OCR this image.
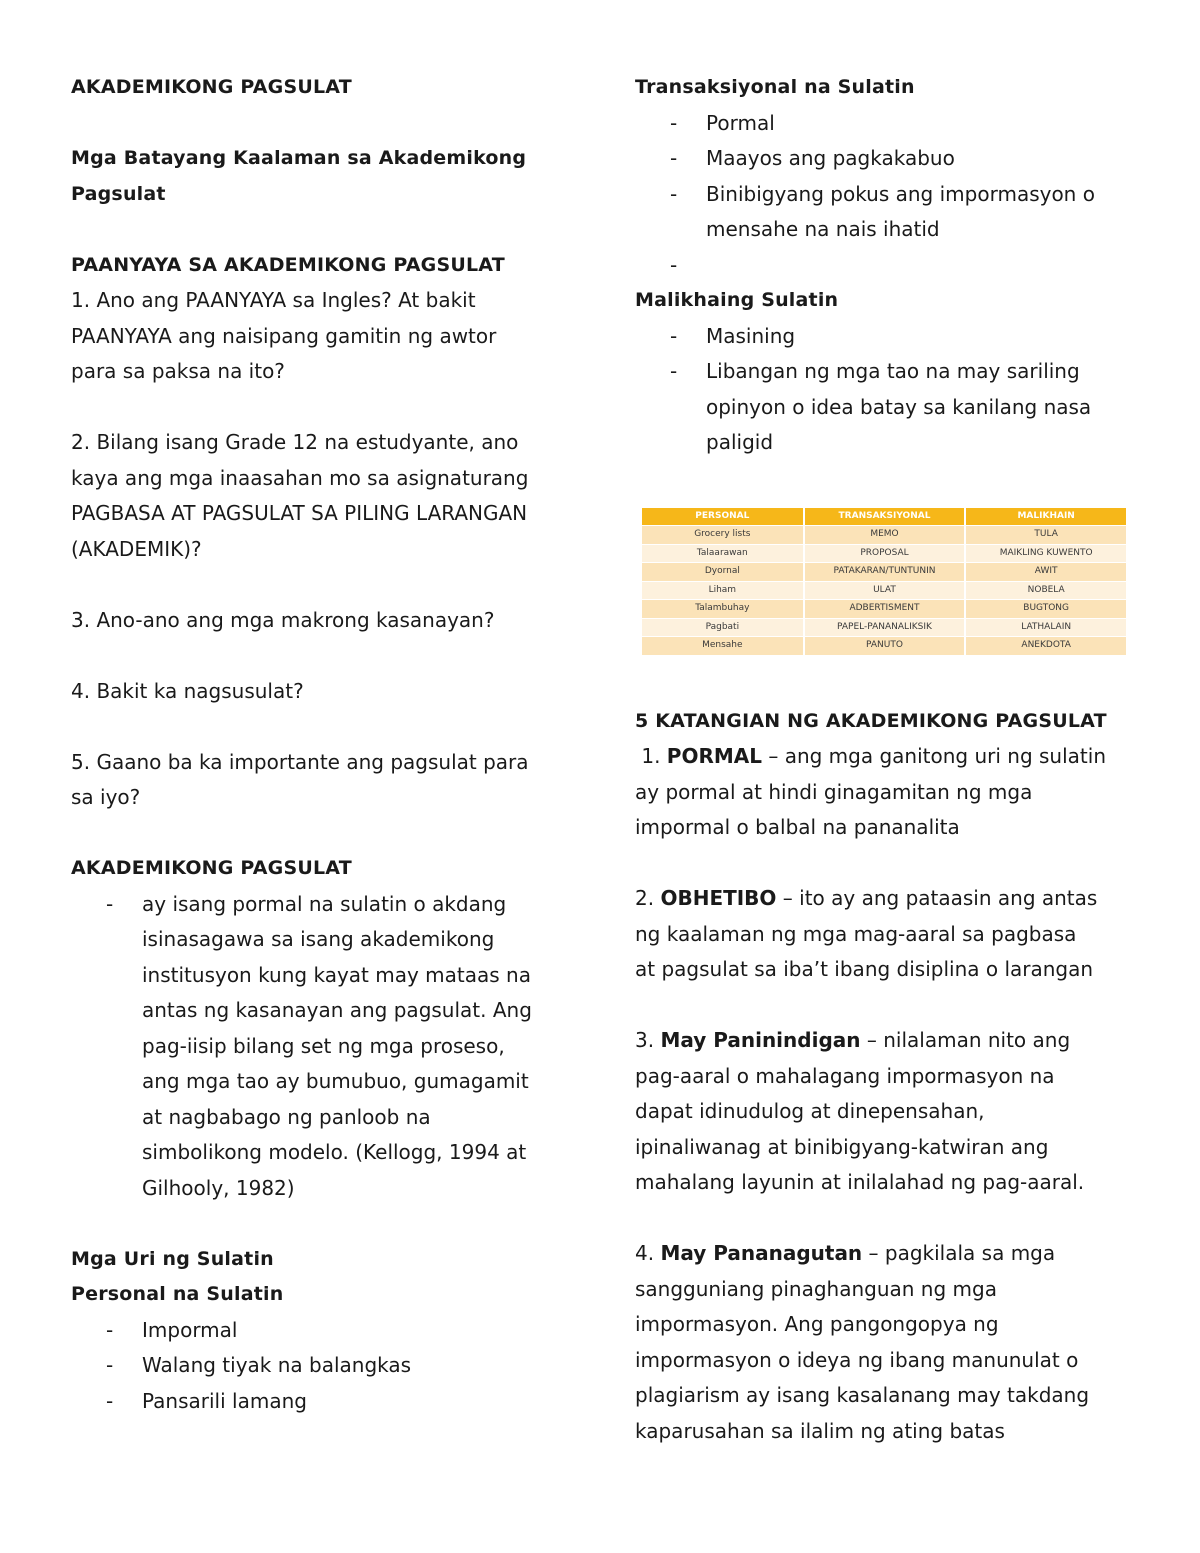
AKADEMIKONG PAGSULAT
Mga Batayang Kaalaman sa Akademikong
Pagsulat
PAANYAYA SA AKADEMIKONG PAGSULAT
1. Ano ang PAANYAYA sa Ingles? At bakit
PAANYAYA ang naisipang gamitin ng awtor
para sa paksa na ito?
2. Bilang isang Grade 12 na estudyante, ano
kaya ang mga inaasahan mo sa asignaturang
PAGBASA AT PAGSULAT SA PILING LARANGAN
(AKADEMIK)?
3. Ano-ano ang mga makrong kasanayan?
4. Bakit ka nagsusulat?
5. Gaano ba ka importante ang pagsulat para
sa iyo?
AKADEMIKONG PAGSULAT
- ay isang pormal na sulatin o akdang
isinasagawa sa isang akademikong
institusyon kung kayat may mataas na
antas ng kasanayan ang pagsulat. Ang
pag-iisip bilang set ng mga proseso,
ang mga tao ay bumubuo, gumagamit
at nagbabago ng panloob na
simbolikong modelo. (Kellogg, 1994 at
Gilhooly, 1982)
Mga Uri ng Sulatin
Personal na Sulatin
- Impormal
- Walang tiyak na balangkas
- Pansarili lamang
Transaksiyonal na Sulatin
- Pormal
- Maayos ang pagkakabuo
- Binibigyang pokus ang impormasyon o
mensahe na nais ihatid
-
Malikhaing Sulatin
- Masining
- Libangan ng mga tao na may sariling
opinyon o idea batay sa kanilang nasa
paligid
PERSONAL	TRANSAKSIYONAL	MALIKHAIN
Grocery lists	MEMO	TULA
Talaarawan	PROPOSAL	MAIKLING KUWENTO
Dyornal	PATAKARAN/TUNTUNIN	AWIT
Liham	ULAT	NOBELA
Talambuhay	ADBERTISMENT	BUGTONG
Pagbati	PAPEL-PANANALIKSIK	LATHALAIN
Mensahe	PANUTO	ANEKDOTA
5 KATANGIAN NG AKADEMIKONG PAGSULAT
1. PORMAL – ang mga ganitong uri ng sulatin
ay pormal at hindi ginagamitan ng mga
impormal o balbal na pananalita
2. OBHETIBO – ito ay ang pataasin ang antas
ng kaalaman ng mga mag-aaral sa pagbasa
at pagsulat sa iba’t ibang disiplina o larangan
3. May Paninindigan – nilalaman nito ang
pag-aaral o mahalagang impormasyon na
dapat idinudulog at dinepensahan,
ipinaliwanag at binibigyang-katwiran ang
mahalang layunin at inilalahad ng pag-aaral.
4. May Pananagutan – pagkilala sa mga
sangguniang pinaghanguan ng mga
impormasyon. Ang pangongopya ng
impormasyon o ideya ng ibang manunulat o
plagiarism ay isang kasalanang may takdang
kaparusahan sa ilalim ng ating batas
